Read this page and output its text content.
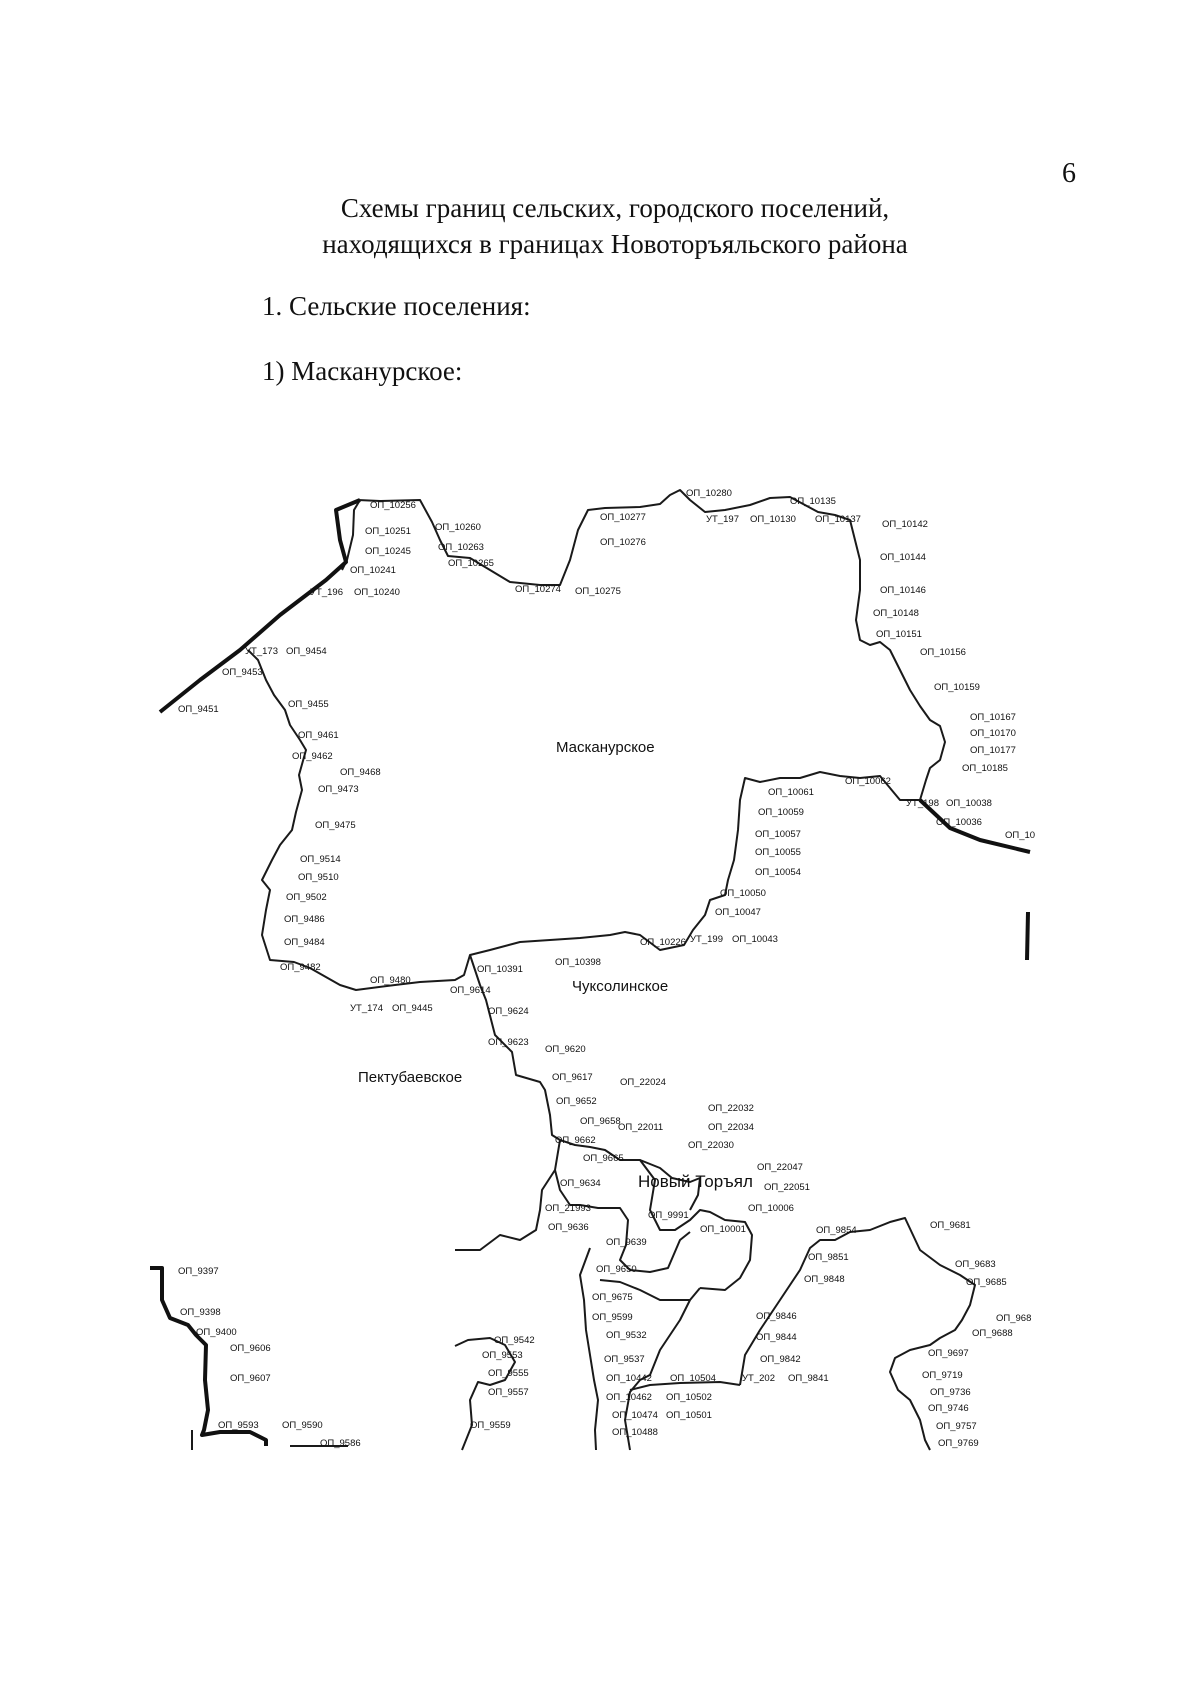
6
Схемы границ сельских, городского поселений,
находящихся в границах Новоторъяльского района
1. Сельские поселения:
1) Масканурское:
Масканурское
Чуксолинское
Пектубаевское
Новый Торъял
ОП_10256
ОП_10251
ОП_10245
ОП_10241
УТ_196 ОП_10240
ОП_10260
ОП_10263
ОП_10265
ОП_10274 ОП_10275
ОП_10277
ОП_10276
ОП_10280
УТ_197 ОП_10130
ОП_10135
ОП_10137 ОП_10142
ОП_10144
ОП_10146
ОП_10148
ОП_10151
ОП_10156
ОП_10159
ОП_10167
ОП_10170
ОП_10177
ОП_10185
ОП_10062
УТ_198 ОП_10038
ОП_10036
ОП_10
ОП_10061
ОП_10059
ОП_10057
ОП_10055
ОП_10054
ОП_10050
ОП_10047
ОП_10226 УТ_199 ОП_10043
ОП_10398
ОП_10391
УТ_173 ОП_9454
ОП_9453
ОП_9451	ОП_9455
ОП_9461
ОП_9462
ОП_9468
ОП_9473
ОП_9475
ОП_9514
ОП_9510
ОП_9502
ОП_9486
ОП_9484
ОП_9482
ОП_9480
УТ_174 ОП_9445
ОП_9614
ОП_9624
ОП_9623
ОП_9620
ОП_9617	ОП_22024
ОП_9652
ОП_9658
ОП_22011
ОП_22032
ОП_22034
ОП_22030
ОП_9662
ОП_9665
ОП_22047
ОП_22051
ОП_9634
ОП_10006
ОП_21993
ОП_9991
ОП_10001
ОП_9636
ОП_9639
ОП_9650
ОП_9675
ОП_9599
ОП_9532
ОП_9537
ОП_10442 ОП_10504
ОП_10462 ОП_10502
ОП_10474 ОП_10501
ОП_10488
ОП_9542
ОП_9553
ОП_9555
ОП_9557
ОП_9559
ОП_9854
ОП_9851
ОП_9848
ОП_9846
ОП_9844
ОП_9842
УТ_202 ОП_9841
ОП_9681
ОП_9683
ОП_9685
ОП_968
ОП_9688
ОП_9697
ОП_9719
ОП_9736
ОП_9746
ОП_9757
ОП_9769
ОП_9397
ОП_9398
ОП_9400
ОП_9606
ОП_9607
ОП_9593 ОП_9590
ОП_9586
